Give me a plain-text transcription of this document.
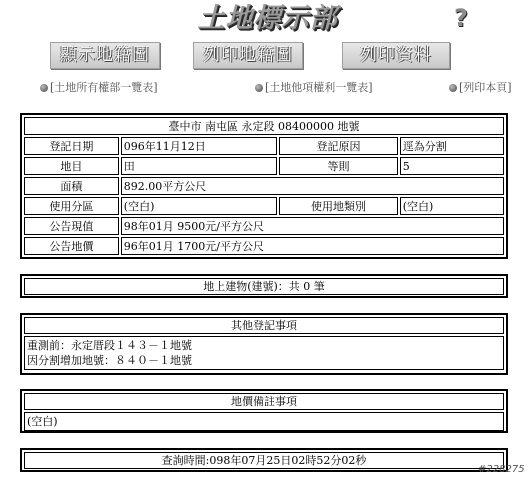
土地標示部	?
顯示地籍圖	列印地籍圖	列印資料
[土地所有權部一覽表]	[土地他項權利一覽表]	[列印本頁]
臺中市 南屯區 永定段 08400000 地號			
登記日期	096年11月12日	登記原因	逕為分割
地目	田	等則	5
面積	892.00平方公尺		
使用分區	(空白)	使用地類別	(空白)
公告現值	98年01月 9500元/平方公尺		
公告地價	96年01月 1700元/平方公尺		
地上建物(建號)：共 0 筆
其他登記事項
重測前：永定厝段１４３－１地號
因分割增加地號：８４０－１地號
地價備註事項
(空白)
查詢時間:098年07月25日02時52分02秒
#228275
